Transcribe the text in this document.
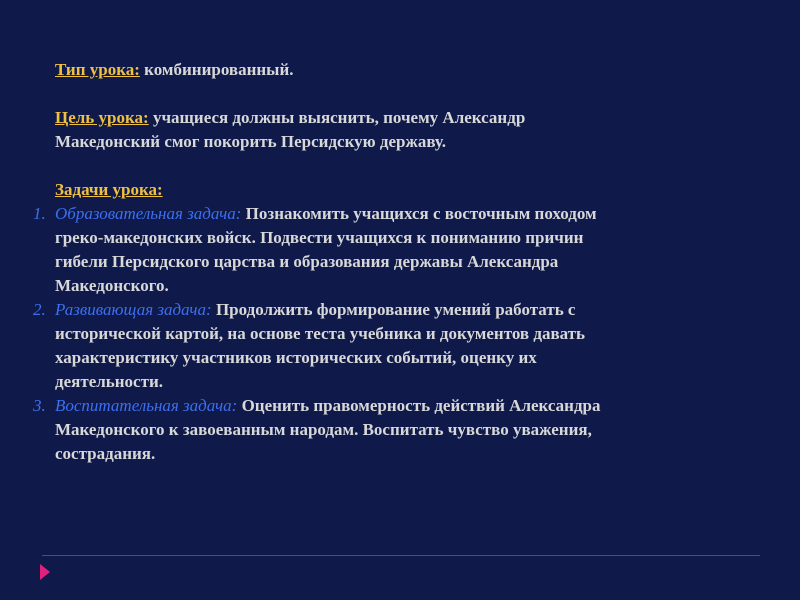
Тип урока: комбинированный.
Цель урока: учащиеся должны выяснить, почему Александр
Македонский смог покорить Персидскую державу.
Задачи урока:
1. Образовательная задача: Познакомить учащихся с восточным походом
греко-македонских войск. Подвести учащихся к пониманию причин
гибели Персидского царства и образования державы Александра
Македонского.
2. Развивающая задача: Продолжить формирование умений работать с
исторической картой, на основе теста учебника и документов давать
характеристику участников исторических событий, оценку их
деятельности.
3. Воспитательная задача: Оценить правомерность действий Александра
Македонского к завоеванным народам. Воспитать чувство уважения,
сострадания.
